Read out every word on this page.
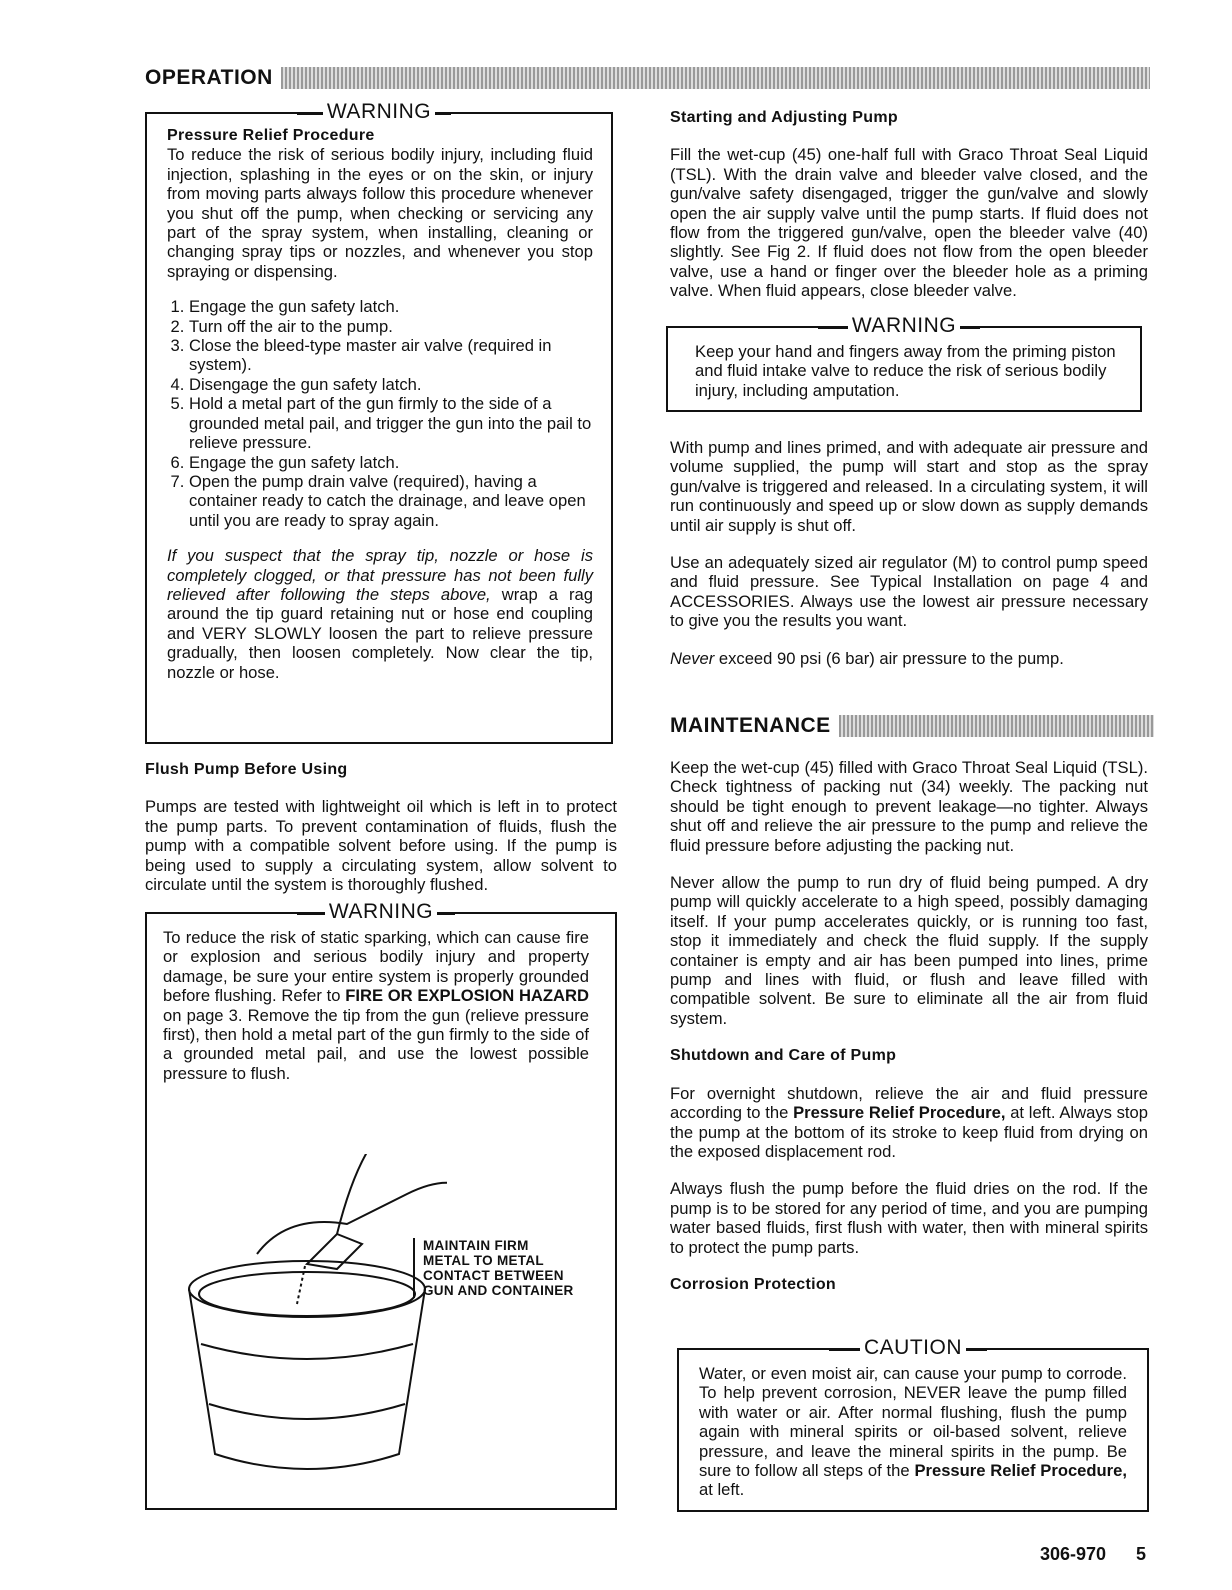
OPERATION
WARNING

Pressure Relief Procedure

To reduce the risk of serious bodily injury, including fluid injection, splashing in the eyes or on the skin, or injury from moving parts always follow this procedure whenever you shut off the pump, when checking or servicing any part of the spray system, when installing, cleaning or changing spray tips or nozzles, and whenever you stop spraying or dispensing.

1. Engage the gun safety latch.
2. Turn off the air to the pump.
3. Close the bleed-type master air valve (required in system).
4. Disengage the gun safety latch.
5. Hold a metal part of the gun firmly to the side of a grounded metal pail, and trigger the gun into the pail to relieve pressure.
6. Engage the gun safety latch.
7. Open the pump drain valve (required), having a container ready to catch the drainage, and leave open until you are ready to spray again.

If you suspect that the spray tip, nozzle or hose is completely clogged, or that pressure has not been fully relieved after following the steps above, wrap a rag around the tip guard retaining nut or hose end coupling and VERY SLOWLY loosen the part to relieve pressure gradually, then loosen completely. Now clear the tip, nozzle or hose.

Flush Pump Before Using

Pumps are tested with lightweight oil which is left in to protect the pump parts. To prevent contamination of fluids, flush the pump with a compatible solvent before using. If the pump is being used to supply a circulating system, allow solvent to circulate until the system is thoroughly flushed.

WARNING

To reduce the risk of static sparking, which can cause fire or explosion and serious bodily injury and property damage, be sure your entire system is properly grounded before flushing. Refer to FIRE OR EXPLOSION HAZARD on page 3. Remove the tip from the gun (relieve pressure first), then hold a metal part of the gun firmly to the side of a grounded metal pail, and use the lowest possible pressure to flush.

MAINTAIN FIRM
METAL TO METAL
CONTACT BETWEEN
GUN AND CONTAINER

Starting and Adjusting Pump

Fill the wet-cup (45) one-half full with Graco Throat Seal Liquid (TSL). With the drain valve and bleeder valve closed, and the gun/valve safety disengaged, trigger the gun/valve and slowly open the air supply valve until the pump starts. If fluid does not flow from the triggered gun/valve, open the bleeder valve (40) slightly. See Fig 2. If fluid does not flow from the open bleeder valve, use a hand or finger over the bleeder hole as a priming valve. When fluid appears, close bleeder valve.

WARNING

Keep your hand and fingers away from the priming piston and fluid intake valve to reduce the risk of serious bodily injury, including amputation.

With pump and lines primed, and with adequate air pressure and volume supplied, the pump will start and stop as the spray gun/valve is triggered and released. In a circulating system, it will run continuously and speed up or slow down as supply demands until air supply is shut off.

Use an adequately sized air regulator (M) to control pump speed and fluid pressure. See Typical Installation on page 4 and ACCESSORIES. Always use the lowest air pressure necessary to give you the results you want.

Never exceed 90 psi (6 bar) air pressure to the pump.

MAINTENANCE

Keep the wet-cup (45) filled with Graco Throat Seal Liquid (TSL). Check tightness of packing nut (34) weekly. The packing nut should be tight enough to prevent leakage—no tighter. Always shut off and relieve the air pressure to the pump and relieve the fluid pressure before adjusting the packing nut.

Never allow the pump to run dry of fluid being pumped. A dry pump will quickly accelerate to a high speed, possibly damaging itself. If your pump accelerates quickly, or is running too fast, stop it immediately and check the fluid supply. If the supply container is empty and air has been pumped into lines, prime pump and lines with fluid, or flush and leave filled with compatible solvent. Be sure to eliminate all the air from fluid system.

Shutdown and Care of Pump

For overnight shutdown, relieve the air and fluid pressure according to the Pressure Relief Procedure, at left. Always stop the pump at the bottom of its stroke to keep fluid from drying on the exposed displacement rod.

Always flush the pump before the fluid dries on the rod. If the pump is to be stored for any period of time, and you are pumping water based fluids, first flush with water, then with mineral spirits to protect the pump parts.

Corrosion Protection

CAUTION

Water, or even moist air, can cause your pump to corrode. To help prevent corrosion, NEVER leave the pump filled with water or air. After normal flushing, flush the pump again with mineral spirits or oil-based solvent, relieve pressure, and leave the mineral spirits in the pump. Be sure to follow all steps of the Pressure Relief Procedure, at left.

306-970 5
